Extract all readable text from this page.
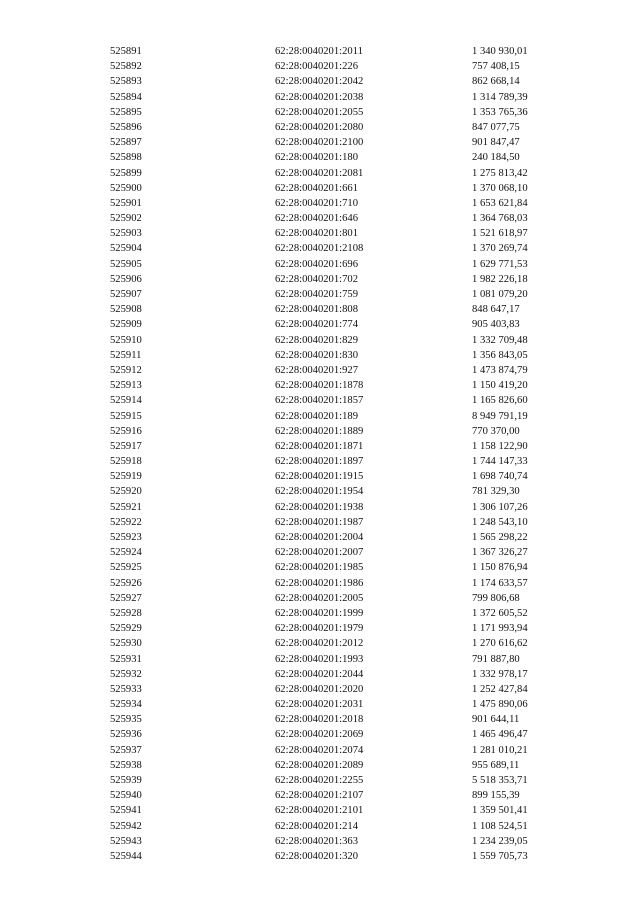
525891	62:28:0040201:2011	1 340 930,01
525892	62:28:0040201:226	757 408,15
525893	62:28:0040201:2042	862 668,14
525894	62:28:0040201:2038	1 314 789,39
525895	62:28:0040201:2055	1 353 765,36
525896	62:28:0040201:2080	847 077,75
525897	62:28:0040201:2100	901 847,47
525898	62:28:0040201:180	240 184,50
525899	62:28:0040201:2081	1 275 813,42
525900	62:28:0040201:661	1 370 068,10
525901	62:28:0040201:710	1 653 621,84
525902	62:28:0040201:646	1 364 768,03
525903	62:28:0040201:801	1 521 618,97
525904	62:28:0040201:2108	1 370 269,74
525905	62:28:0040201:696	1 629 771,53
525906	62:28:0040201:702	1 982 226,18
525907	62:28:0040201:759	1 081 079,20
525908	62:28:0040201:808	848 647,17
525909	62:28:0040201:774	905 403,83
525910	62:28:0040201:829	1 332 709,48
525911	62:28:0040201:830	1 356 843,05
525912	62:28:0040201:927	1 473 874,79
525913	62:28:0040201:1878	1 150 419,20
525914	62:28:0040201:1857	1 165 826,60
525915	62:28:0040201:189	8 949 791,19
525916	62:28:0040201:1889	770 370,00
525917	62:28:0040201:1871	1 158 122,90
525918	62:28:0040201:1897	1 744 147,33
525919	62:28:0040201:1915	1 698 740,74
525920	62:28:0040201:1954	781 329,30
525921	62:28:0040201:1938	1 306 107,26
525922	62:28:0040201:1987	1 248 543,10
525923	62:28:0040201:2004	1 565 298,22
525924	62:28:0040201:2007	1 367 326,27
525925	62:28:0040201:1985	1 150 876,94
525926	62:28:0040201:1986	1 174 633,57
525927	62:28:0040201:2005	799 806,68
525928	62:28:0040201:1999	1 372 605,52
525929	62:28:0040201:1979	1 171 993,94
525930	62:28:0040201:2012	1 270 616,62
525931	62:28:0040201:1993	791 887,80
525932	62:28:0040201:2044	1 332 978,17
525933	62:28:0040201:2020	1 252 427,84
525934	62:28:0040201:2031	1 475 890,06
525935	62:28:0040201:2018	901 644,11
525936	62:28:0040201:2069	1 465 496,47
525937	62:28:0040201:2074	1 281 010,21
525938	62:28:0040201:2089	955 689,11
525939	62:28:0040201:2255	5 518 353,71
525940	62:28:0040201:2107	899 155,39
525941	62:28:0040201:2101	1 359 501,41
525942	62:28:0040201:214	1 108 524,51
525943	62:28:0040201:363	1 234 239,05
525944	62:28:0040201:320	1 559 705,73
